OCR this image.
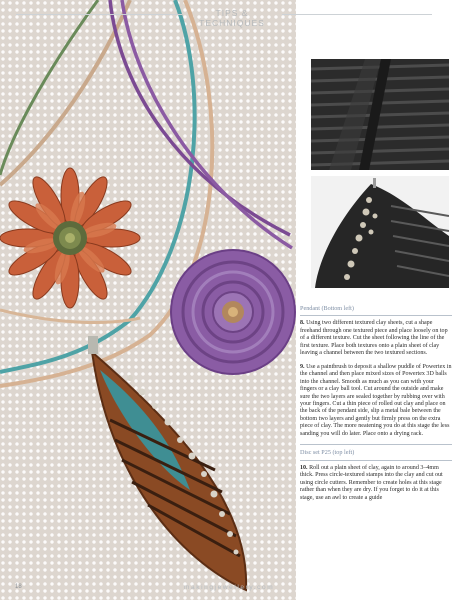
TIPS & TECHNIQUES
Pendant (Bottom left)

8. Using two different textured clay sheets, cut a shape freehand through one textured piece and place loosely on top of a different texture. Cut the sheet following the line of the first texture. Place both textures onto a plain sheet of clay leaving a channel between the two textured sections.

9. Use a paintbrush to deposit a shallow puddle of Powertex in the channel and then place mixed sizes of Powertex 3D balls into the channel. Smooth as much as you can with your fingers or a clay ball tool. Cut around the outside and make sure the two layers are sealed together by rubbing over with your fingers. Cut a thin piece of rolled out clay and place on the back of the pendant side, slip a metal bale between the bottom two layers and gently but firmly press on the extra piece of clay. The more neatening you do at this stage the less sanding you will do later. Place onto a drying rack.

Disc set P25 (top left)

10. Roll out a plain sheet of clay, again to around 3–4mm thick. Press circle-textured stamps into the clay and cut out using circle cutters. Remember to create holes at this stage rather than when they are dry. If you forget to do it at this stage, use an awl to create a guide

18	makingjewellery.com
